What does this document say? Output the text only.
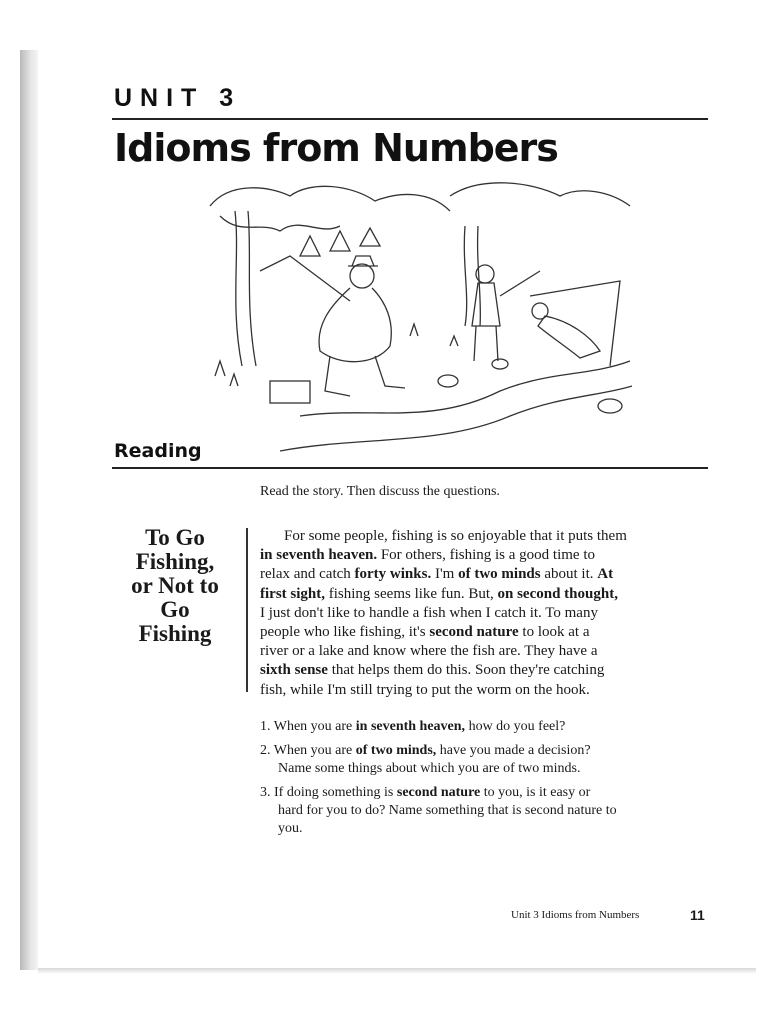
UNIT 3
Idioms from Numbers
Reading
Read the story. Then discuss the questions.
To Go
Fishing,
or Not to
Go
Fishing
For some people, fishing is so enjoyable that it puts them
in seventh heaven. For others, fishing is a good time to
relax and catch forty winks. I'm of two minds about it. At
first sight, fishing seems like fun. But, on second thought,
I just don't like to handle a fish when I catch it. To many
people who like fishing, it's second nature to look at a
river or a lake and know where the fish are. They have a
sixth sense that helps them do this. Soon they're catching
fish, while I'm still trying to put the worm on the hook.
1. When you are in seventh heaven, how do you feel?
2. When you are of two minds, have you made a decision?
Name some things about which you are of two minds.
3. If doing something is second nature to you, is it easy or
hard for you to do? Name something that is second nature to
you.
Unit 3 Idioms from Numbers	11
